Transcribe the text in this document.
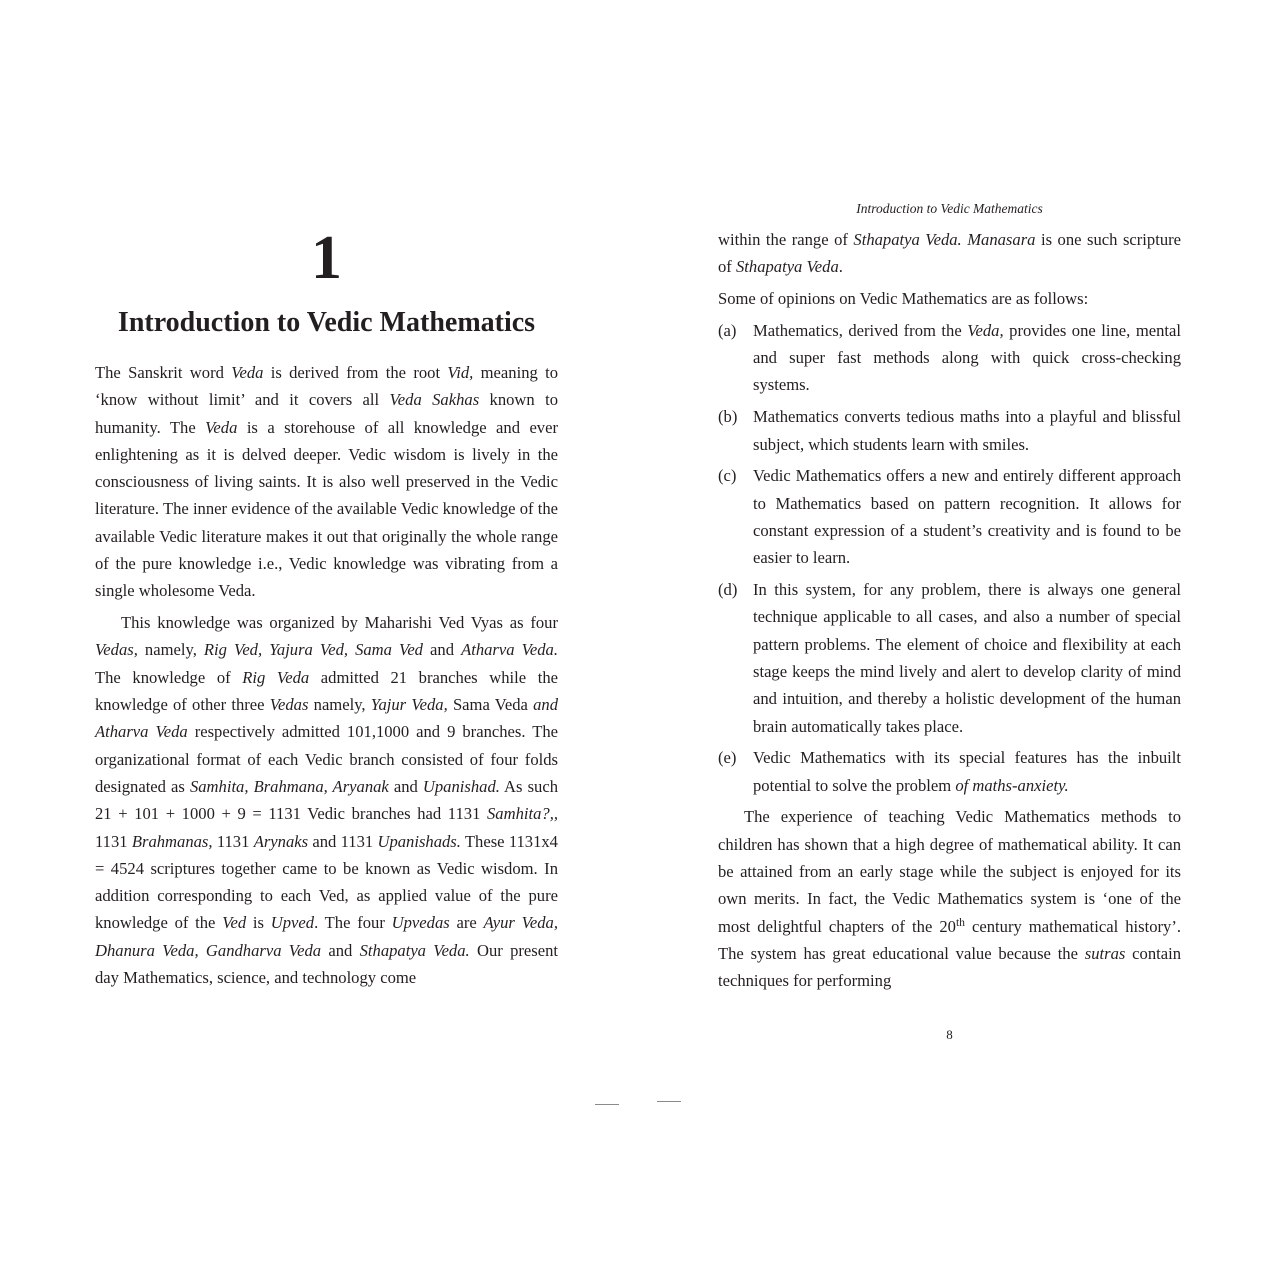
1
Introduction to Vedic Mathematics

The Sanskrit word Veda is derived from the root Vid, meaning to ‘know without limit’ and it covers all Veda Sakhas known to humanity. The Veda is a storehouse of all knowledge and ever enlightening as it is delved deeper. Vedic wisdom is lively in the consciousness of living saints. It is also well preserved in the Vedic literature. The inner evidence of the available Vedic knowledge of the available Vedic literature makes it out that originally the whole range of the pure knowledge i.e., Vedic knowledge was vibrating from a single wholesome Veda.

This knowledge was organized by Maharishi Ved Vyas as four Vedas, namely, Rig Ved, Yajura Ved, Sama Ved and Atharva Veda. The knowledge of Rig Veda admitted 21 branches while the knowledge of other three Vedas namely, Yajur Veda, Sama Veda and Atharva Veda respectively admitted 101,1000 and 9 branches. The organizational format of each Vedic branch consisted of four folds designated as Samhita, Brahmana, Aryanak and Upanishad. As such 21 + 101 + 1000 + 9 = 1131 Vedic branches had 1131 Samhita?,, 1131 Brahmanas, 1131 Arynaks and 1131 Upanishads. These 1131x4 = 4524 scriptures together came to be known as Vedic wisdom. In addition corresponding to each Ved, as applied value of the pure knowledge of the Ved is Upved. The four Upvedas are Ayur Veda, Dhanura Veda, Gandharva Veda and Sthapatya Veda. Our present day Mathematics, science, and technology come

Introduction to Vedic Mathematics

within the range of Sthapatya Veda. Manasara is one such scripture of Sthapatya Veda.

Some of opinions on Vedic Mathematics are as follows:

(a) Mathematics, derived from the Veda, provides one line, mental and super fast methods along with quick cross-checking systems.
(b) Mathematics converts tedious maths into a playful and blissful subject, which students learn with smiles.
(c) Vedic Mathematics offers a new and entirely different approach to Mathematics based on pattern recognition. It allows for constant expression of a student’s creativity and is found to be easier to learn.
(d) In this system, for any problem, there is always one general technique applicable to all cases, and also a number of special pattern problems. The element of choice and flexibility at each stage keeps the mind lively and alert to develop clarity of mind and intuition, and thereby a holistic development of the human brain automatically takes place.
(e) Vedic Mathematics with its special features has the inbuilt potential to solve the problem of maths-anxiety.

The experience of teaching Vedic Mathematics methods to children has shown that a high degree of mathematical ability. It can be attained from an early stage while the subject is enjoyed for its own merits. In fact, the Vedic Mathematics system is ‘one of the most delightful chapters of the 20th century mathematical history’. The system has great educational value because the sutras contain techniques for performing

8
